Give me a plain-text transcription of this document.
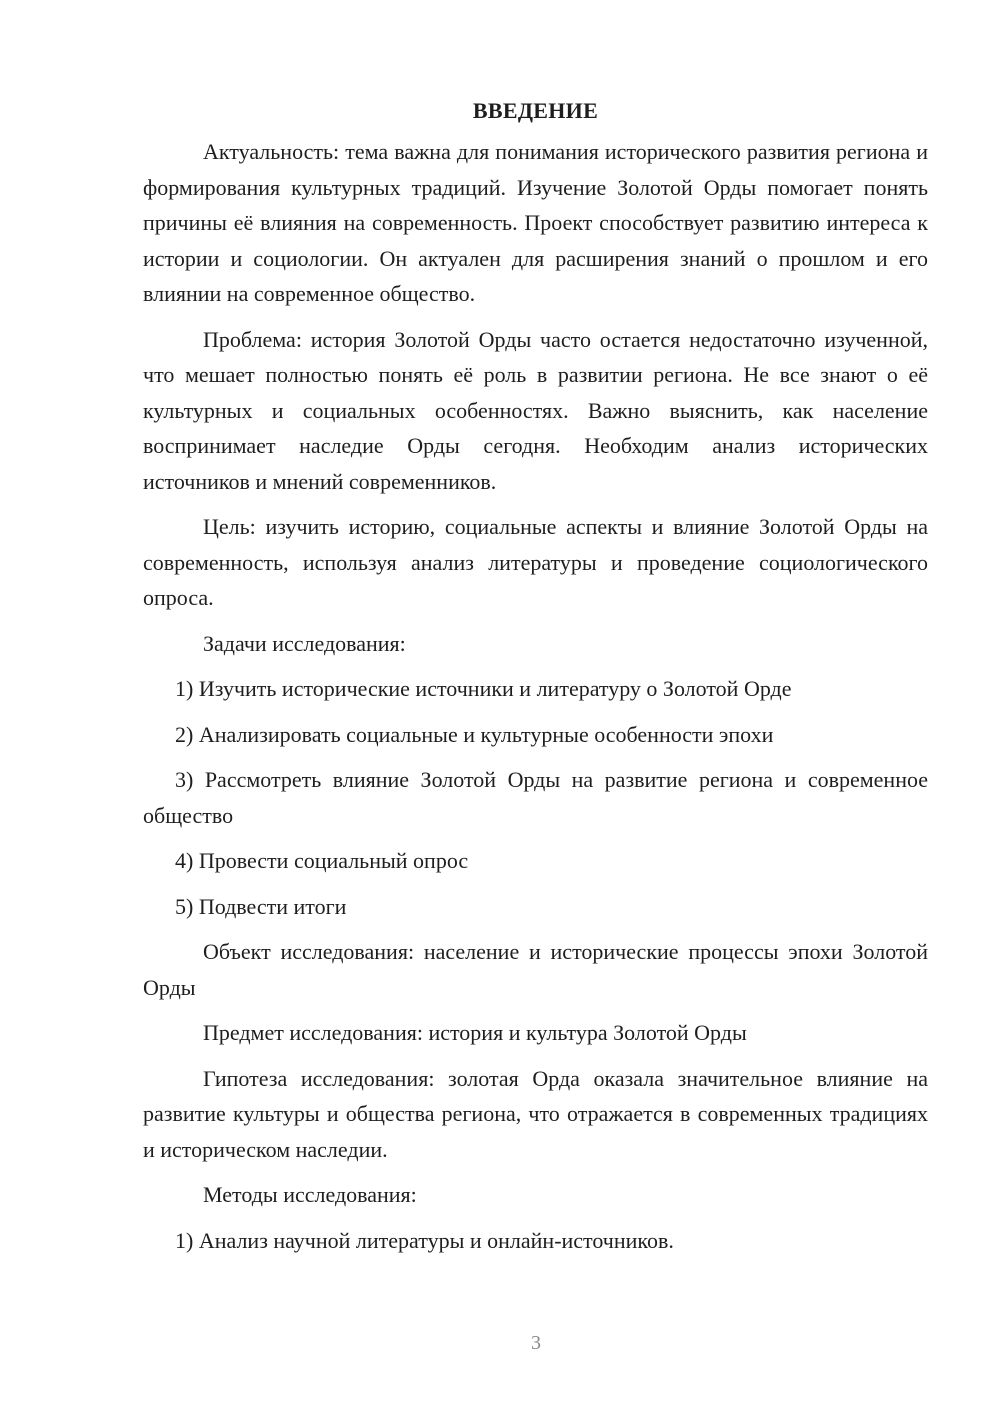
ВВЕДЕНИЕ

Актуальность: тема важна для понимания исторического развития региона и формирования культурных традиций. Изучение Золотой Орды помогает понять причины её влияния на современность. Проект способствует развитию интереса к истории и социологии. Он актуален для расширения знаний о прошлом и его влиянии на современное общество.

Проблема: история Золотой Орды часто остается недостаточно изученной, что мешает полностью понять её роль в развитии региона. Не все знают о её культурных и социальных особенностях. Важно выяснить, как население воспринимает наследие Орды сегодня. Необходим анализ исторических источников и мнений современников.

Цель: изучить историю, социальные аспекты и влияние Золотой Орды на современность, используя анализ литературы и проведение социологического опроса.

Задачи исследования:

1) Изучить исторические источники и литературу о Золотой Орде

2) Анализировать социальные и культурные особенности эпохи

3) Рассмотреть влияние Золотой Орды на развитие региона и современное общество

4) Провести социальный опрос

5) Подвести итоги

Объект исследования: население и исторические процессы эпохи Золотой Орды

Предмет исследования: история и культура Золотой Орды

Гипотеза исследования: золотая Орда оказала значительное влияние на развитие культуры и общества региона, что отражается в современных традициях и историческом наследии.

Методы исследования:

1) Анализ научной литературы и онлайн-источников.

3
